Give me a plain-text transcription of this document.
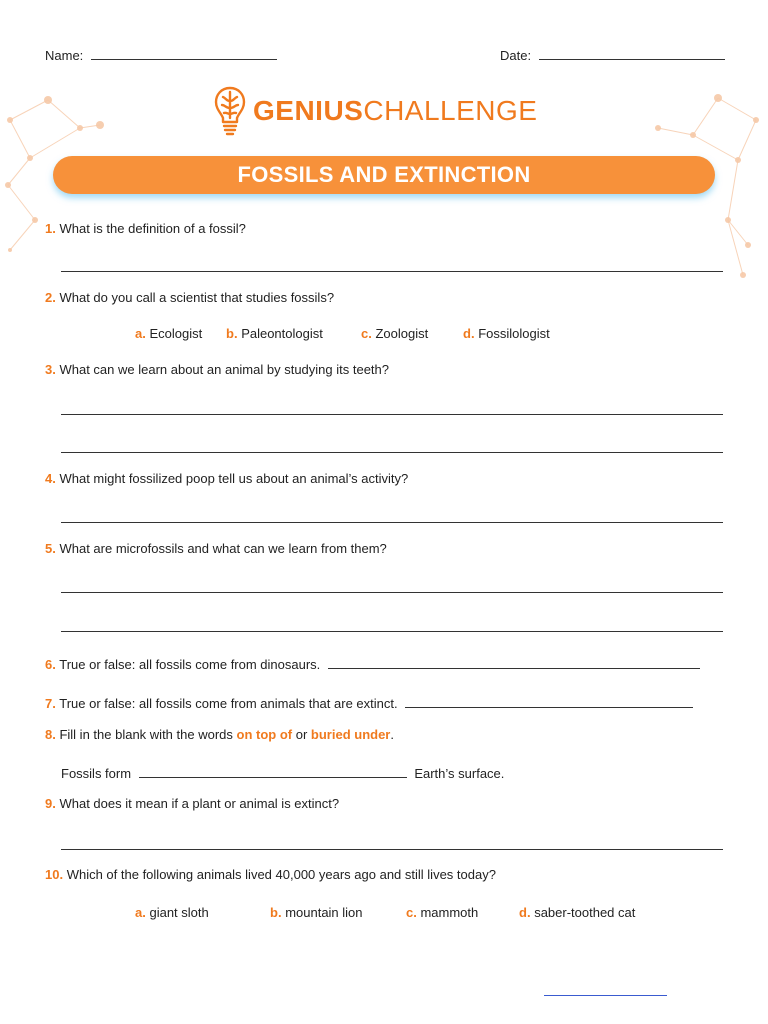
Name:	Date:
GENIUSCHALLENGE
FOSSILS AND EXTINCTION
1. What is the definition of a fossil?
2. What do you call a scientist that studies fossils?
a. Ecologist b. Paleontologist	c. Zoologist	d. Fossilologist
3. What can we learn about an animal by studying its teeth?
4. What might fossilized poop tell us about an animal’s activity?
5. What are microfossils and what can we learn from them?
6. True or false: all fossils come from dinosaurs.
7. True or false: all fossils come from animals that are extinct.
8. Fill in the blank with the words on top of or buried under.
Fossils form	Earth’s surface.
9. What does it mean if a plant or animal is extinct?
10. Which of the following animals lived 40,000 years ago and still lives today?
a. giant sloth	b. mountain lion	c. mammoth	d. saber-toothed cat
